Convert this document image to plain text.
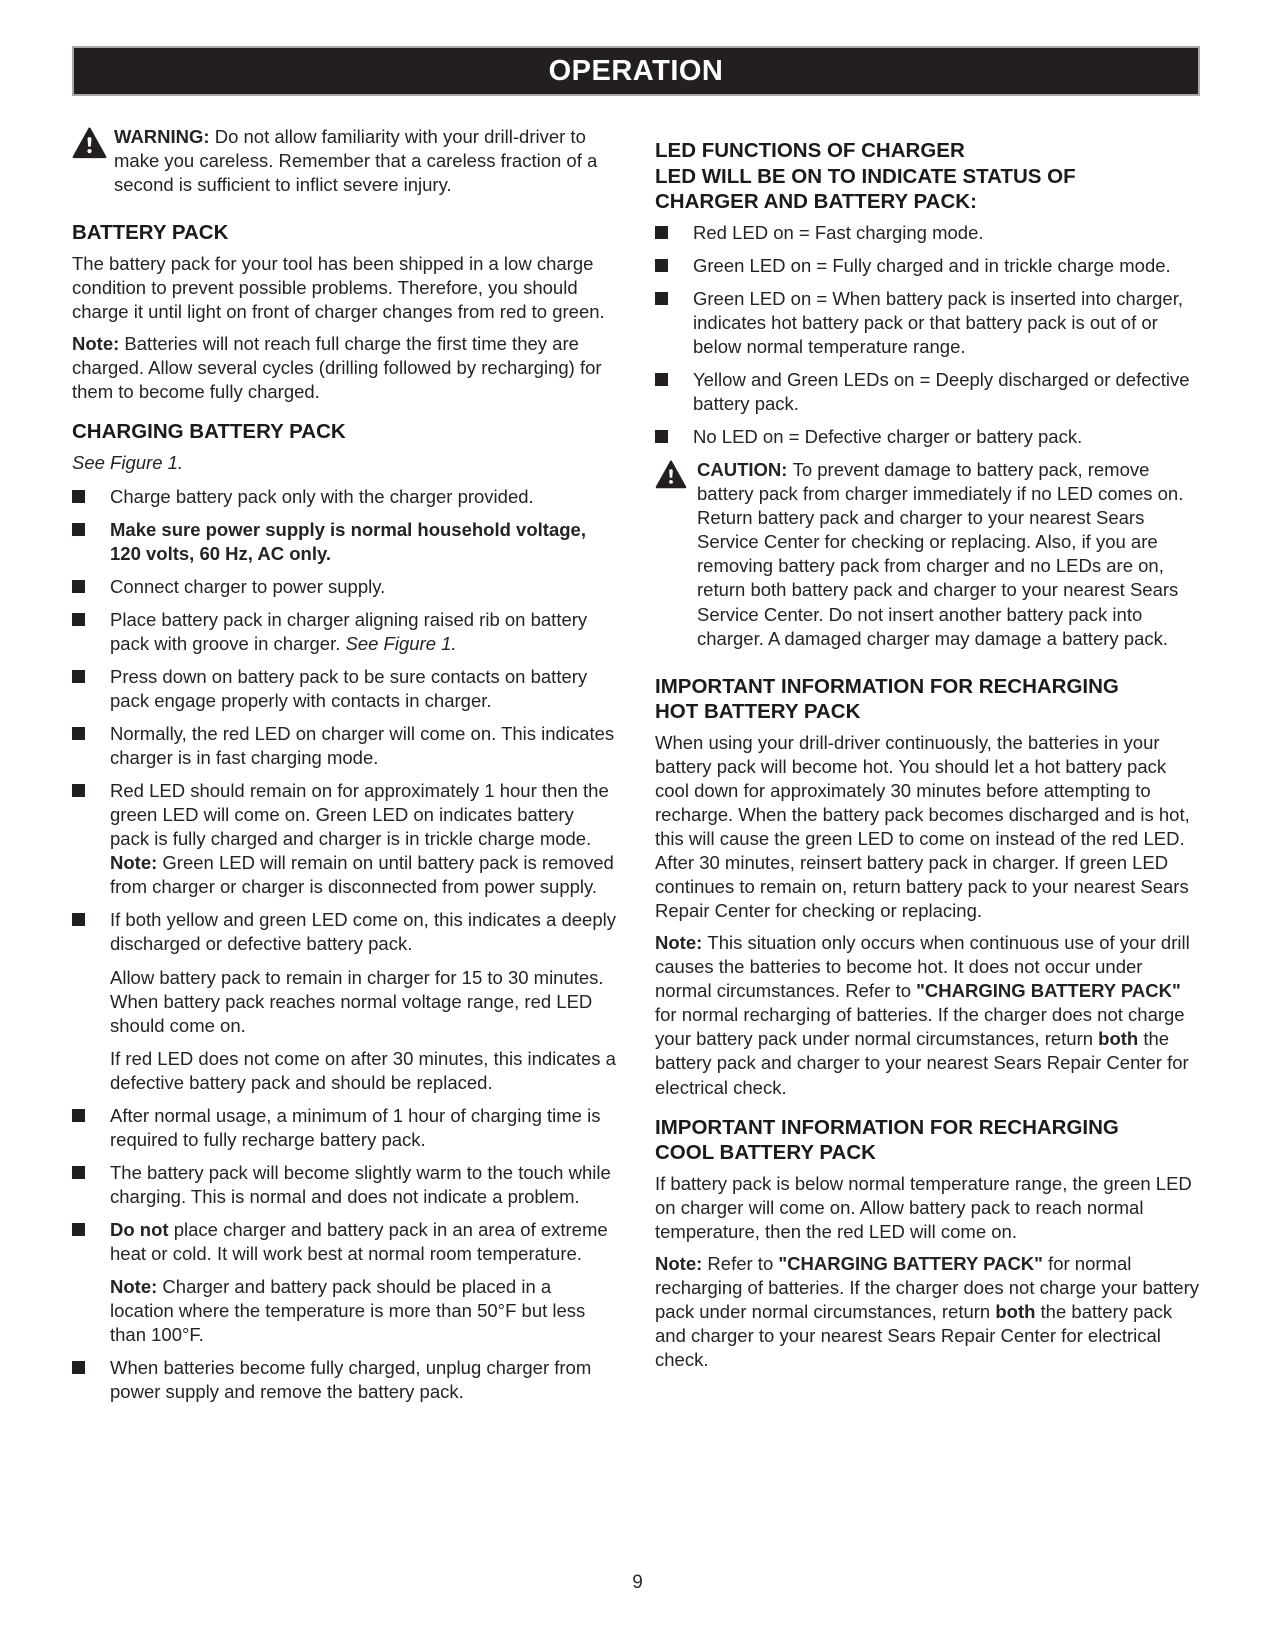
OPERATION

WARNING: Do not allow familiarity with your drill-driver to make you careless. Remember that a careless fraction of a second is sufficient to inflict severe injury.

BATTERY PACK

The battery pack for your tool has been shipped in a low charge condition to prevent possible problems. Therefore, you should charge it until light on front of charger changes from red to green.

Note: Batteries will not reach full charge the first time they are charged. Allow several cycles (drilling followed by recharging) for them to become fully charged.

CHARGING BATTERY PACK

See Figure 1.

Charge battery pack only with the charger provided.

Make sure power supply is normal household voltage, 120 volts, 60 Hz, AC only.

Connect charger to power supply.

Place battery pack in charger aligning raised rib on battery pack with groove in charger. See Figure 1.

Press down on battery pack to be sure contacts on battery pack engage properly with contacts in charger.

Normally, the red LED on charger will come on. This indicates charger is in fast charging mode.

Red LED should remain on for approximately 1 hour then the green LED will come on. Green LED on indicates battery pack is fully charged and charger is in trickle charge mode. Note: Green LED will remain on until battery pack is removed from charger or charger is disconnected from power supply.

If both yellow and green LED come on, this indicates a deeply discharged or defective battery pack.

Allow battery pack to remain in charger for 15 to 30 minutes. When battery pack reaches normal voltage range, red LED should come on.

If red LED does not come on after 30 minutes, this indicates a defective battery pack and should be replaced.

After normal usage, a minimum of 1 hour of charging time is required to fully recharge battery pack.

The battery pack will become slightly warm to the touch while charging. This is normal and does not indicate a problem.

Do not place charger and battery pack in an area of extreme heat or cold. It will work best at normal room temperature.

Note: Charger and battery pack should be placed in a location where the temperature is more than 50°F but less than 100°F.

When batteries become fully charged, unplug charger from power supply and remove the battery pack.

LED FUNCTIONS OF CHARGER
LED WILL BE ON TO INDICATE STATUS OF
CHARGER AND BATTERY PACK:

Red LED on = Fast charging mode.

Green LED on = Fully charged and in trickle charge mode.

Green LED on = When battery pack is inserted into charger, indicates hot battery pack or that battery pack is out of or below normal temperature range.

Yellow and Green LEDs on = Deeply discharged or defective battery pack.

No LED on = Defective charger or battery pack.

CAUTION: To prevent damage to battery pack, remove battery pack from charger immediately if no LED comes on. Return battery pack and charger to your nearest Sears Service Center for checking or replacing. Also, if you are removing battery pack from charger and no LEDs are on, return both battery pack and charger to your nearest Sears Service Center. Do not insert another battery pack into charger. A damaged charger may damage a battery pack.

IMPORTANT INFORMATION FOR RECHARGING
HOT BATTERY PACK

When using your drill-driver continuously, the batteries in your battery pack will become hot. You should let a hot battery pack cool down for approximately 30 minutes before attempting to recharge. When the battery pack becomes discharged and is hot, this will cause the green LED to come on instead of the red LED. After 30 minutes, reinsert battery pack in charger. If green LED continues to remain on, return battery pack to your nearest Sears Repair Center for checking or replacing.

Note: This situation only occurs when continuous use of your drill causes the batteries to become hot. It does not occur under normal circumstances. Refer to "CHARGING BATTERY PACK" for normal recharging of batteries. If the charger does not charge your battery pack under normal circumstances, return both the battery pack and charger to your nearest Sears Repair Center for electrical check.

IMPORTANT INFORMATION FOR RECHARGING
COOL BATTERY PACK

If battery pack is below normal temperature range, the green LED on charger will come on. Allow battery pack to reach normal temperature, then the red LED will come on.

Note: Refer to "CHARGING BATTERY PACK" for normal recharging of batteries. If the charger does not charge your battery pack under normal circumstances, return both the battery pack and charger to your nearest Sears Repair Center for electrical check.

9
